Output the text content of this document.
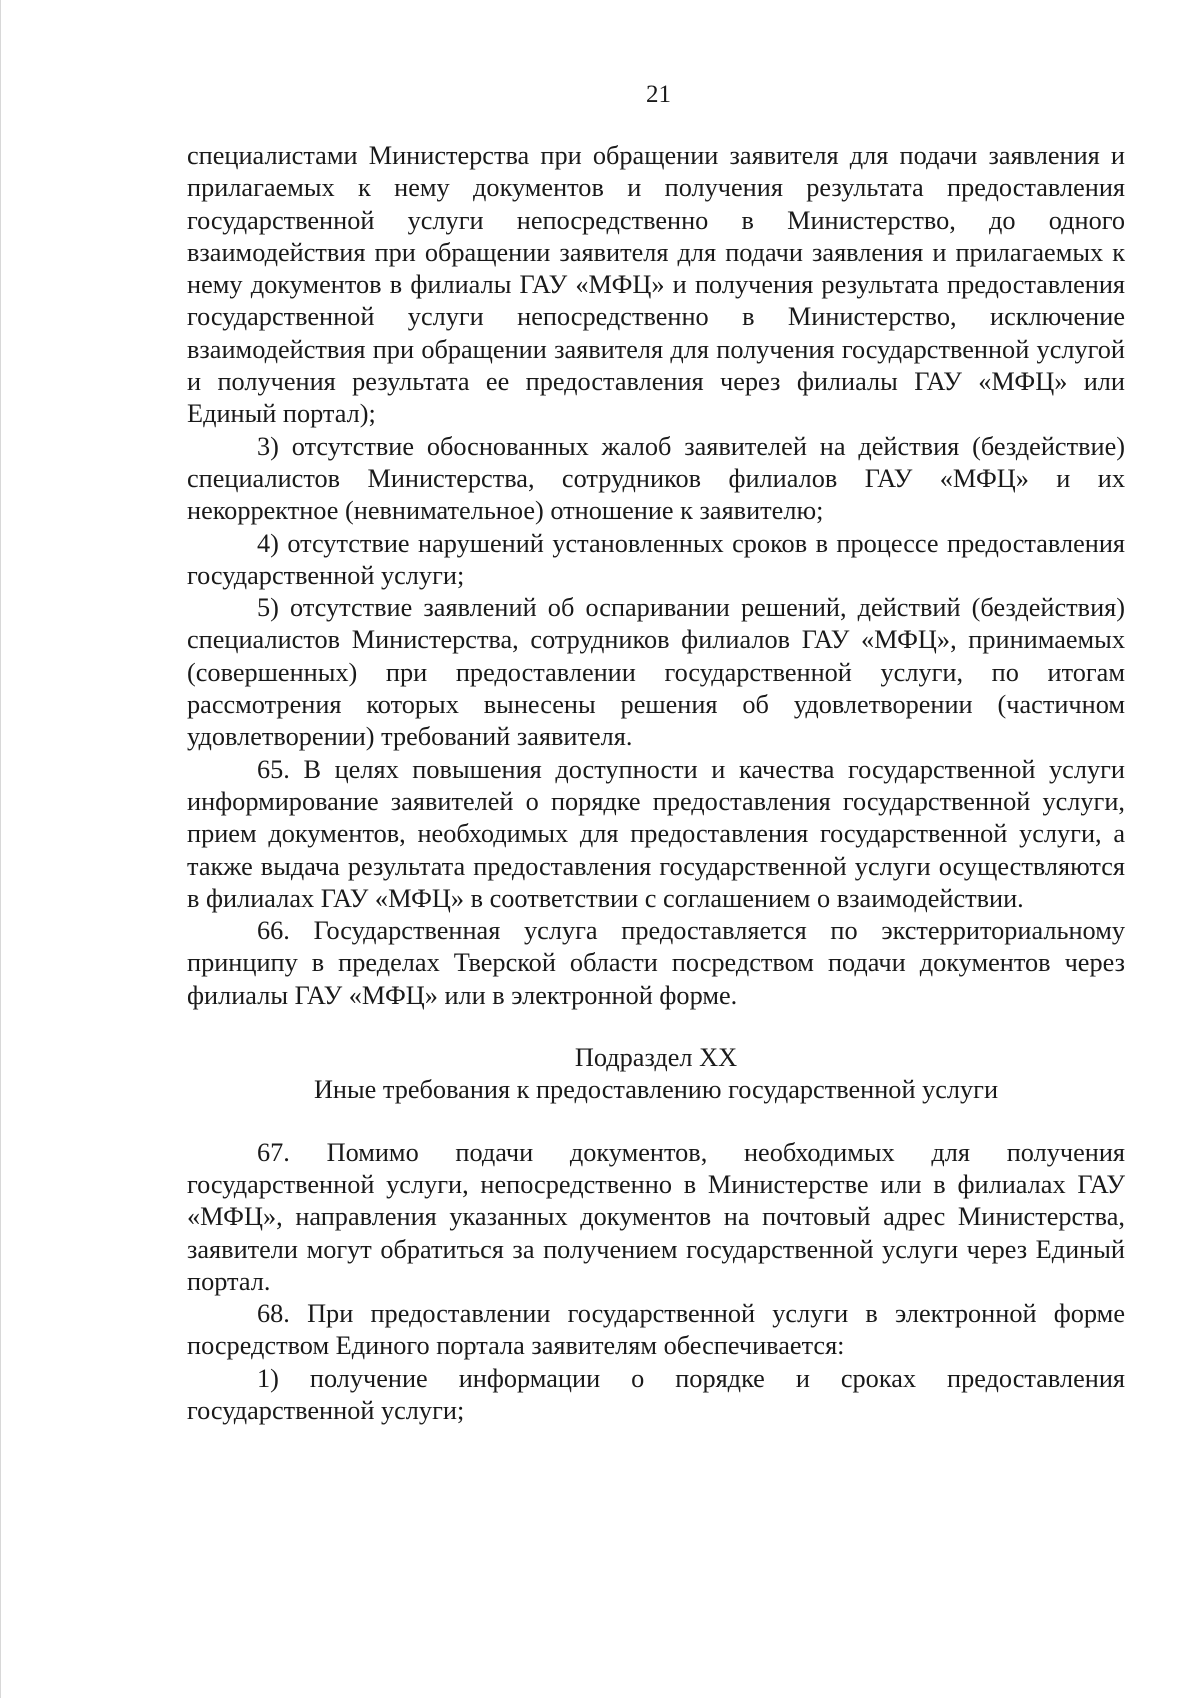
21

специалистами Министерства при обращении заявителя для подачи заявления и прилагаемых к нему документов и получения результата предоставления государственной услуги непосредственно в Министерство, до одного взаимодействия при обращении заявителя для подачи заявления и прилагаемых к нему документов в филиалы ГАУ «МФЦ» и получения результата предоставления государственной услуги непосредственно в Министерство, исключение взаимодействия при обращении заявителя для получения государственной услугой и получения результата ее предоставления через филиалы ГАУ «МФЦ» или Единый портал);

3) отсутствие обоснованных жалоб заявителей на действия (бездействие) специалистов Министерства, сотрудников филиалов ГАУ «МФЦ» и их некорректное (невнимательное) отношение к заявителю;

4) отсутствие нарушений установленных сроков в процессе предоставления государственной услуги;

5) отсутствие заявлений об оспаривании решений, действий (бездействия) специалистов Министерства, сотрудников филиалов ГАУ «МФЦ», принимаемых (совершенных) при предоставлении государственной услуги, по итогам рассмотрения которых вынесены решения об удовлетворении (частичном удовлетворении) требований заявителя.

65. В целях повышения доступности и качества государственной услуги информирование заявителей о порядке предоставления государственной услуги, прием документов, необходимых для предоставления государственной услуги, а также выдача результата предоставления государственной услуги осуществляются в филиалах ГАУ «МФЦ» в соответствии с соглашением о взаимодействии.

66. Государственная услуга предоставляется по экстерриториальному принципу в пределах Тверской области посредством подачи документов через филиалы ГАУ «МФЦ» или в электронной форме.

Подраздел XX

Иные требования к предоставлению государственной услуги

67. Помимо подачи документов, необходимых для получения государственной услуги, непосредственно в Министерстве или в филиалах ГАУ «МФЦ», направления указанных документов на почтовый адрес Министерства, заявители могут обратиться за получением государственной услуги через Единый портал.

68. При предоставлении государственной услуги в электронной форме посредством Единого портала заявителям обеспечивается:

1) получение информации о порядке и сроках предоставления государственной услуги;
